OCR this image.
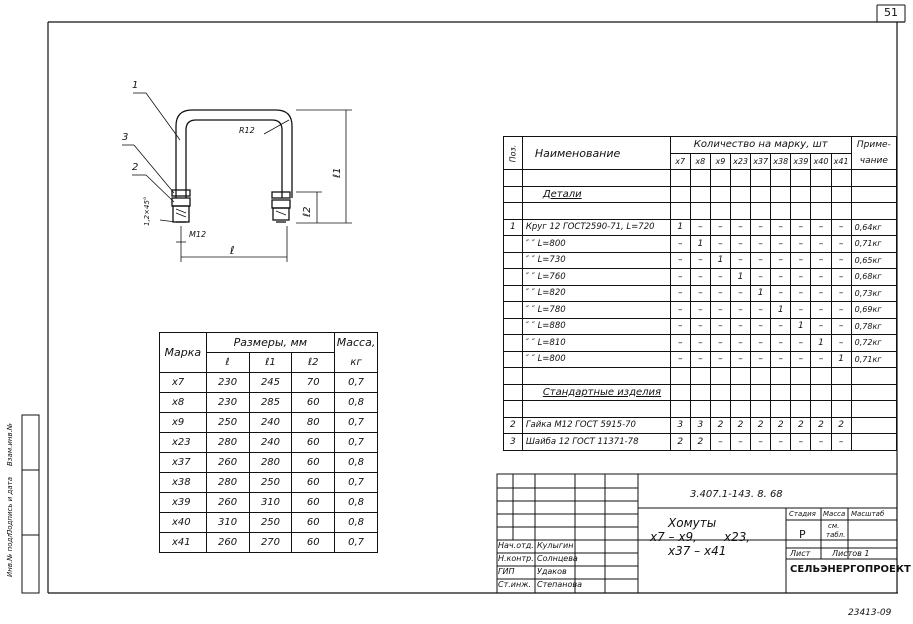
51
23413-09
Инв.№ подл.
Подпись и дата
Взам.инв.№
1
3
2
R12
1,2×45°
М12
ℓ
ℓ1
ℓ2
Марка	Размеры, мм			Масса,
	ℓ	ℓ1	ℓ2	кг
х7	230	245	70	0,7
х8	230	285	60	0,8
х9	250	240	80	0,7
х23	280	240	60	0,7
х37	260	280	60	0,8
х38	280	250	60	0,7
х39	260	310	60	0,8
х40	310	250	60	0,8
х41	260	270	60	0,7
Поз.	Наименование	Количество на марку, шт									Приме-
		х7	х8	х9	х23	х37	х38	х39	х40	х41	чание

	Детали										

1	Круг 12 ГОСТ2590-71, L=720	1	–	–	–	–	–	–	–	–	0,64кг
	″ ″ L=800	–	1	–	–	–	–	–	–	–	0,71кг
	″ ″ L=730	–	–	1	–	–	–	–	–	–	0,65кг
	″ ″ L=760	–	–	–	1	–	–	–	–	–	0,68кг
	″ ″ L=820	–	–	–	–	1	–	–	–	–	0,73кг
	″ ″ L=780	–	–	–	–	–	1	–	–	–	0,69кг
	″ ″ L=880	–	–	–	–	–	–	1	–	–	0,78кг
	″ ″ L=810	–	–	–	–	–	–	–	1	–	0,72кг
	″ ″ L=800	–	–	–	–	–	–	–	–	1	0,71кг

	Стандартные изделия										

2	Гайка М12 ГОСТ 5915-70	3	3	2	2	2	2	2	2	2	
3	Шайба 12 ГОСТ 11371-78	2	2	–	–	–	–	–	–	–	
3.407.1-143. 8. 68
Хомуты
х7 – х9, х23,
х37 – х41
Стадия Масса Масштаб
Р
см.
табл.
Лист	Листов 1
СЕЛЬЭНЕРГОПРОЕКТ
Нач.отд. Кулыгин
Н.контр. Солнцева
ГИП	Удаков
Ст.инж. Степанова
